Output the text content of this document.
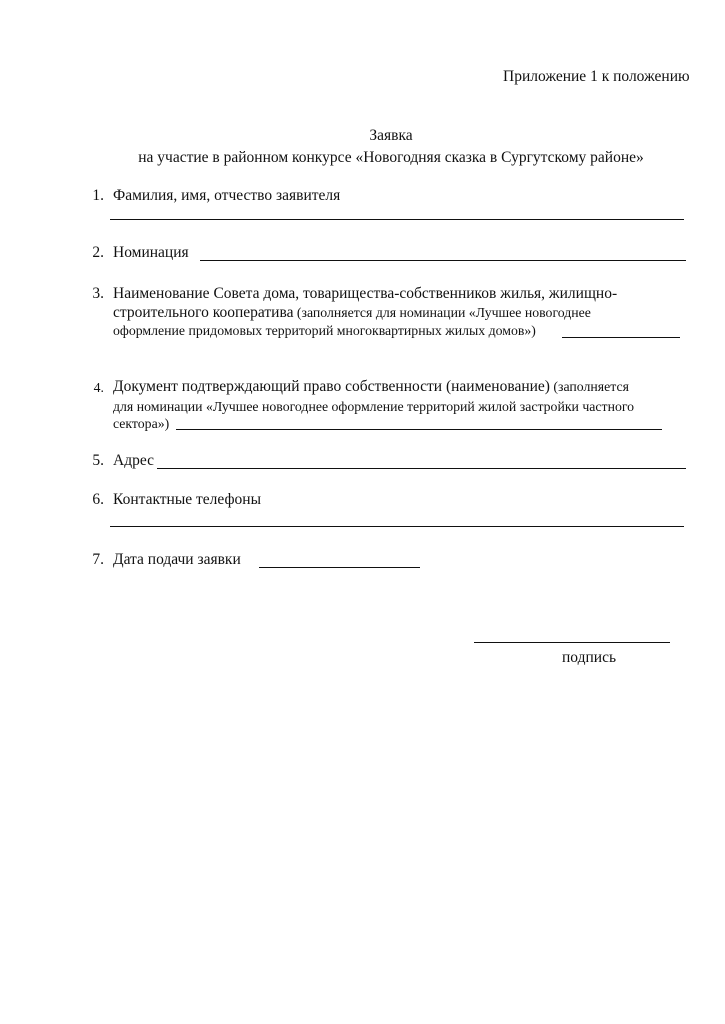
Приложение 1 к положению
Заявка
на участие в районном конкурсе «Новогодняя сказка в Сургутскому районе»
1. Фамилия, имя, отчество заявителя
2. Номинация
3. Наименование Совета дома, товарищества-собственников жилья, жилищно-
строительного кооператива (заполняется для номинации «Лучшее новогоднее
оформление придомовых территорий многоквартирных жилых домов»)
4. Документ подтверждающий право собственности (наименование) (заполняется
для номинации «Лучшее новогоднее оформление территорий жилой застройки частного
сектора»)
5. Адрес
6. Контактные телефоны
7. Дата подачи заявки
подпись
